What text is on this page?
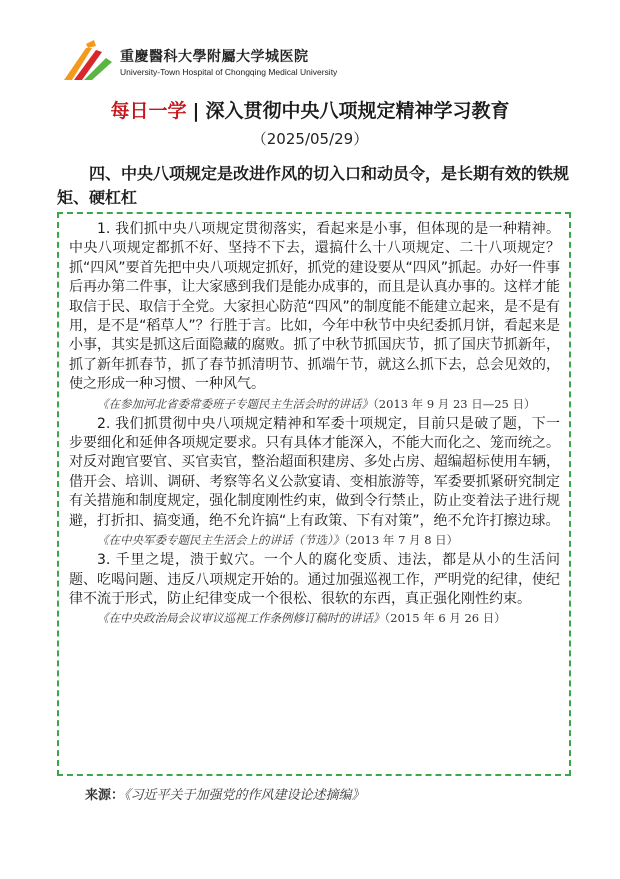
重慶醫科大學附屬大学城医院
University-Town Hospital of Chongqing Medical University
每日一学 | 深入贯彻中央八项规定精神学习教育
（2025/05/29）
四、中央八项规定是改进作风的切入口和动员令，是长期有效的铁规矩、硬杠杠

1. 我们抓中央八项规定贯彻落实，看起来是小事，但体现的是一种精神。中央八项规定都抓不好、坚持不下去，還搞什么十八项规定、二十八项规定？抓“四风”要首先把中央八项规定抓好，抓党的建设要从“四风”抓起。办好一件事后再办第二件事，让大家感到我们是能办成事的，而且是认真办事的。这样才能取信于民、取信于全党。大家担心防范“四风”的制度能不能建立起来，是不是有用，是不是“稻草人”？行胜于言。比如，今年中秋节中央纪委抓月饼，看起来是小事，其实是抓这后面隐藏的腐败。抓了中秋节抓国庆节，抓了国庆节抓新年，抓了新年抓春节，抓了春节抓清明节、抓端午节，就这么抓下去，总会见效的，使之形成一种习惯、一种风气。

《在参加河北省委常委班子专题民主生活会时的讲话》（2013 年 9 月 23 日—25 日）

2. 我们抓贯彻中央八项规定精神和军委十项规定，目前只是破了题，下一步要细化和延伸各项规定要求。只有具体才能深入，不能大而化之、笼而统之。对反对跑官要官、买官卖官，整治超面积建房、多处占房、超编超标使用车辆，借开会、培训、调研、考察等名义公款宴请、变相旅游等，军委要抓紧研究制定有关措施和制度规定，强化制度刚性约束，做到令行禁止，防止变着法子进行规避，打折扣、搞变通，绝不允许搞“上有政策、下有对策”，绝不允许打擦边球。

《在中央军委专题民主生活会上的讲话（节选）》（2013 年 7 月 8 日）

3. 千里之堤，溃于蚁穴。一个人的腐化变质、违法，都是从小的生活问题、吃喝问题、违反八项规定开始的。通过加强巡视工作，严明党的纪律，使纪律不流于形式，防止纪律变成一个很松、很软的东西，真正强化刚性约束。

《在中央政治局会议审议巡视工作条例修订稿时的讲话》（2015 年 6 月 26 日）

来源：《习近平关于加强党的作风建设论述摘编》
